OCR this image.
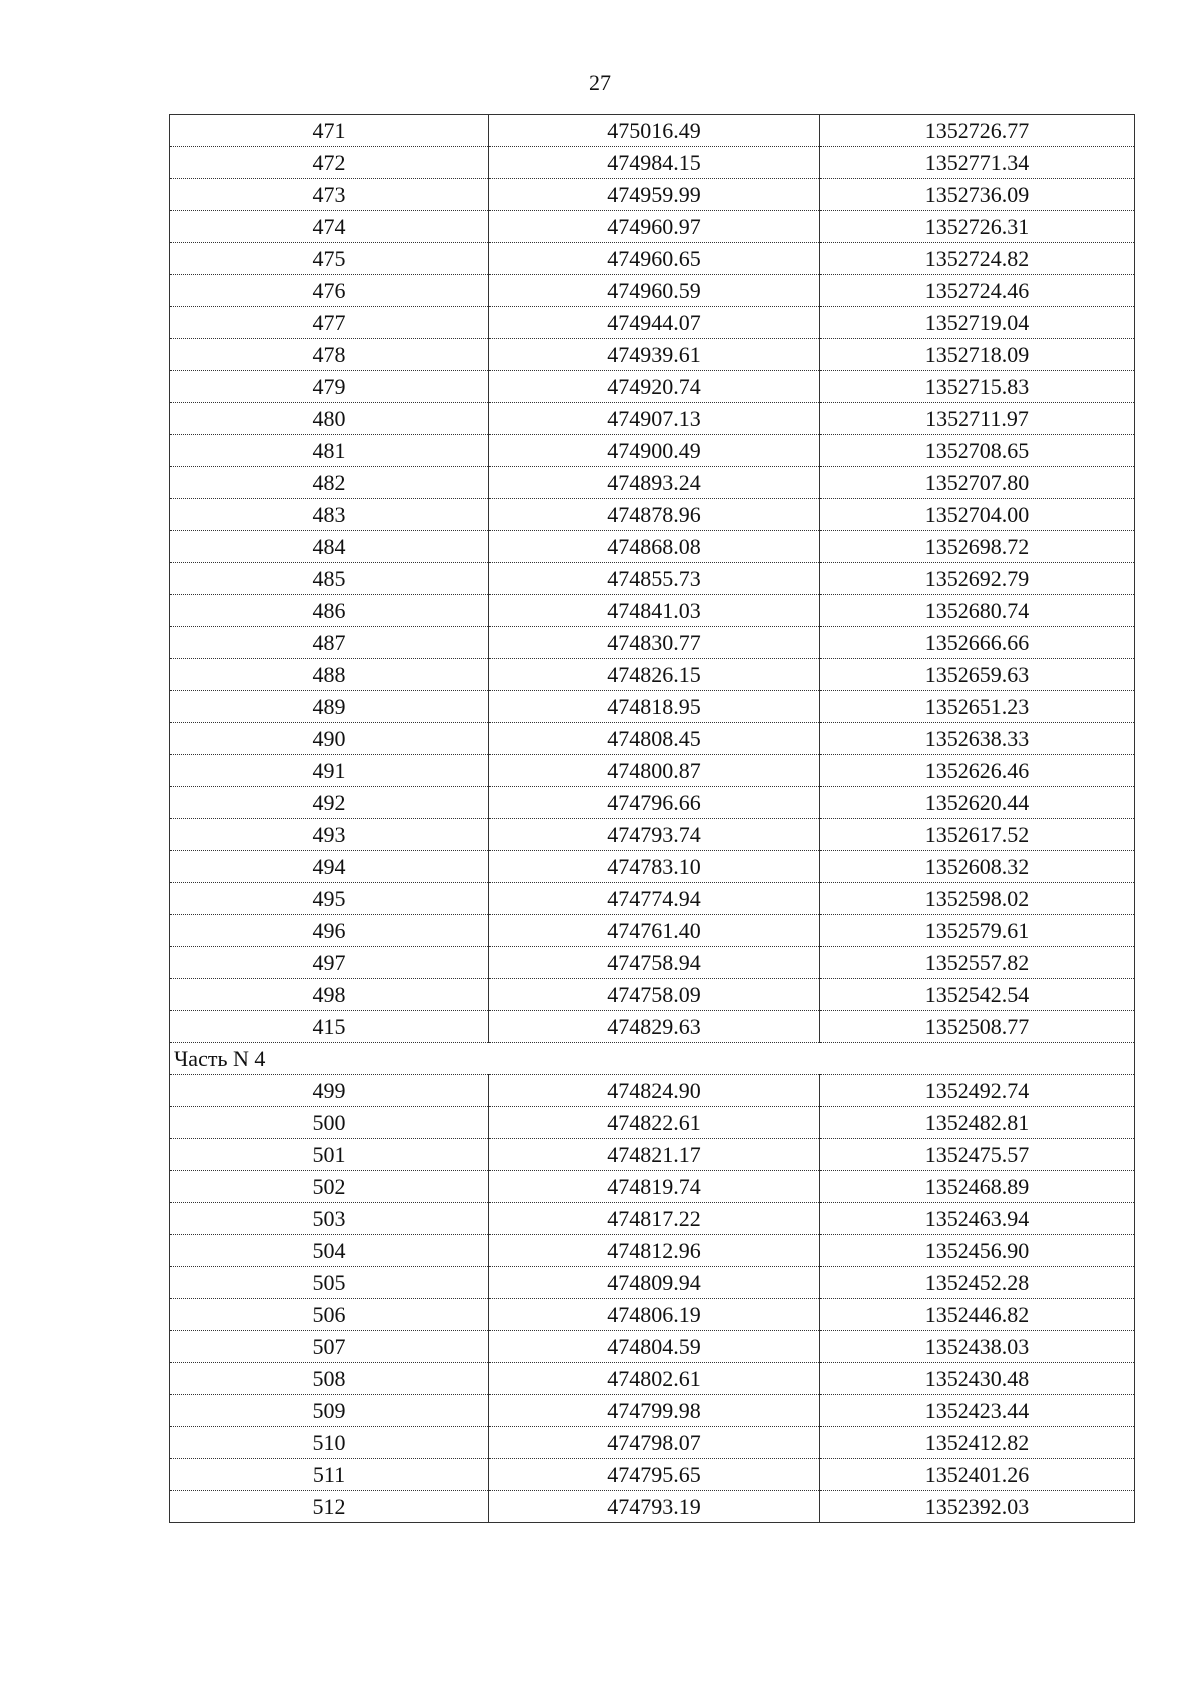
27
471	475016.49	1352726.77
472	474984.15	1352771.34
473	474959.99	1352736.09
474	474960.97	1352726.31
475	474960.65	1352724.82
476	474960.59	1352724.46
477	474944.07	1352719.04
478	474939.61	1352718.09
479	474920.74	1352715.83
480	474907.13	1352711.97
481	474900.49	1352708.65
482	474893.24	1352707.80
483	474878.96	1352704.00
484	474868.08	1352698.72
485	474855.73	1352692.79
486	474841.03	1352680.74
487	474830.77	1352666.66
488	474826.15	1352659.63
489	474818.95	1352651.23
490	474808.45	1352638.33
491	474800.87	1352626.46
492	474796.66	1352620.44
493	474793.74	1352617.52
494	474783.10	1352608.32
495	474774.94	1352598.02
496	474761.40	1352579.61
497	474758.94	1352557.82
498	474758.09	1352542.54
415	474829.63	1352508.77
Часть N 4		
499	474824.90	1352492.74
500	474822.61	1352482.81
501	474821.17	1352475.57
502	474819.74	1352468.89
503	474817.22	1352463.94
504	474812.96	1352456.90
505	474809.94	1352452.28
506	474806.19	1352446.82
507	474804.59	1352438.03
508	474802.61	1352430.48
509	474799.98	1352423.44
510	474798.07	1352412.82
511	474795.65	1352401.26
512	474793.19	1352392.03
